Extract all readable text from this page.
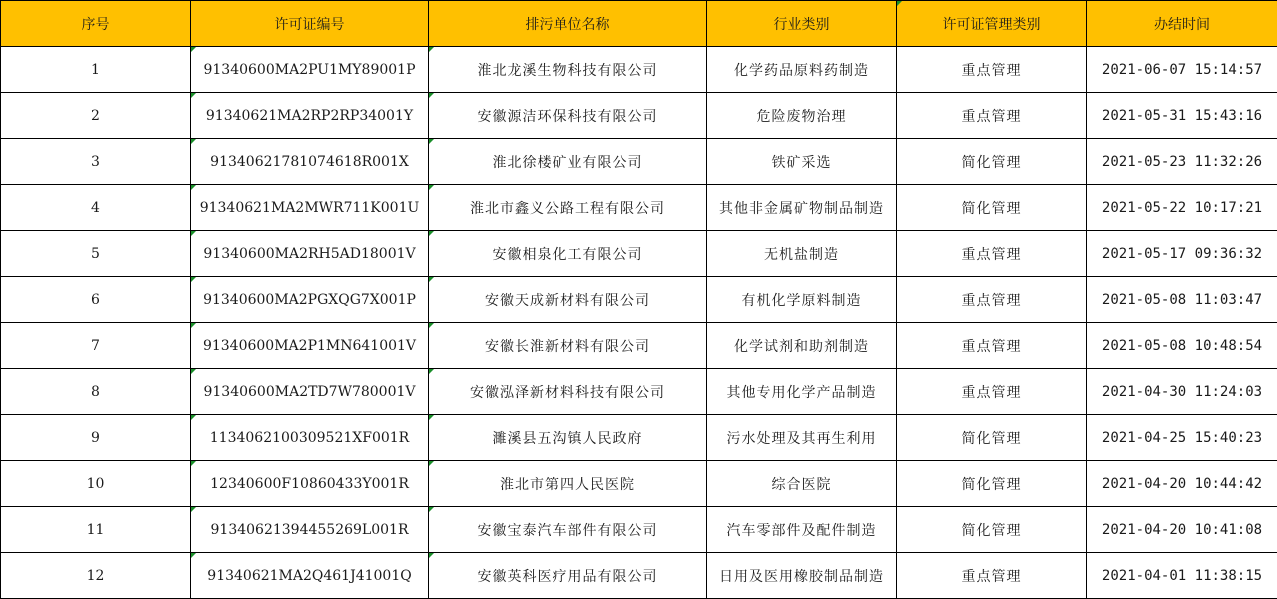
序号	许可证编号	排污单位名称	行业类别	许可证管理类别	办结时间
1	91340600MA2PU1MY89001P	淮北龙溪生物科技有限公司	化学药品原料药制造	重点管理	2021-06-07 15:14:57
2	91340621MA2RP2RP34001Y	安徽源洁环保科技有限公司	危险废物治理	重点管理	2021-05-31 15:43:16
3	91340621781074618R001X	淮北徐楼矿业有限公司	铁矿采选	简化管理	2021-05-23 11:32:26
4	91340621MA2MWR711K001U	淮北市鑫义公路工程有限公司	其他非金属矿物制品制造	简化管理	2021-05-22 10:17:21
5	91340600MA2RH5AD18001V	安徽相泉化工有限公司	无机盐制造	重点管理	2021-05-17 09:36:32
6	91340600MA2PGXQG7X001P	安徽天成新材料有限公司	有机化学原料制造	重点管理	2021-05-08 11:03:47
7	91340600MA2P1MN641001V	安徽长淮新材料有限公司	化学试剂和助剂制造	重点管理	2021-05-08 10:48:54
8	91340600MA2TD7W780001V	安徽泓泽新材料科技有限公司	其他专用化学产品制造	重点管理	2021-04-30 11:24:03
9	1134062100309521XF001R	濉溪县五沟镇人民政府	污水处理及其再生利用	简化管理	2021-04-25 15:40:23
10	12340600F10860433Y001R	淮北市第四人民医院	综合医院	简化管理	2021-04-20 10:44:42
11	91340621394455269L001R	安徽宝泰汽车部件有限公司	汽车零部件及配件制造	简化管理	2021-04-20 10:41:08
12	91340621MA2Q461J41001Q	安徽英科医疗用品有限公司	日用及医用橡胶制品制造	重点管理	2021-04-01 11:38:15
